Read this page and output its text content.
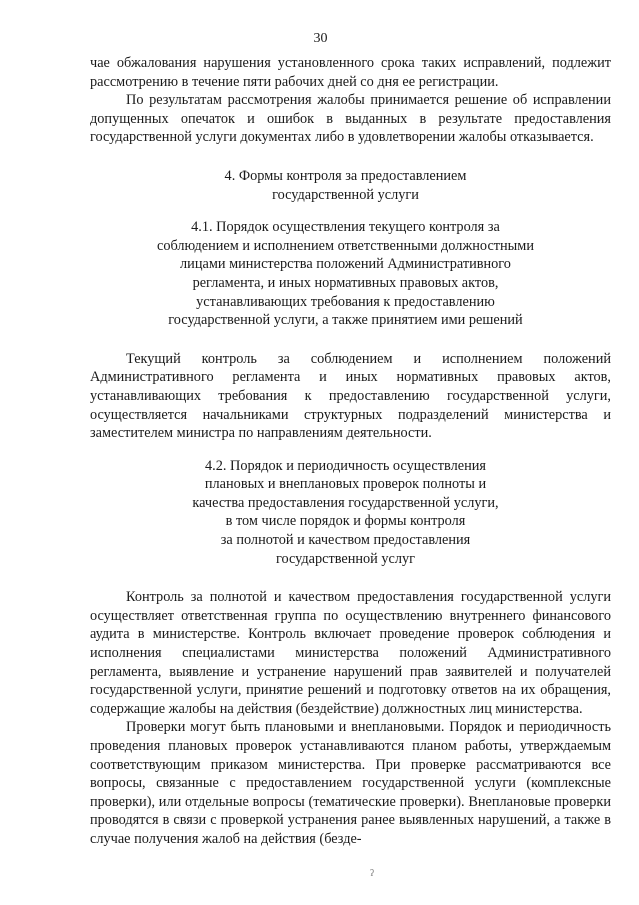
30

чае обжалования нарушения установленного срока таких исправлений, подлежит рассмотрению в течение пяти рабочих дней со дня ее регистрации.

По результатам рассмотрения жалобы принимается решение об исправлении допущенных опечаток и ошибок в выданных в результате предоставления государственной услуги документах либо в удовлетворении жалобы отказывается.

4. Формы контроля за предоставлением
государственной услуги
4.1. Порядок осуществления текущего контроля за
соблюдением и исполнением ответственными должностными
лицами министерства положений Административного
регламента, и иных нормативных правовых актов,
устанавливающих требования к предоставлению
государственной услуги, а также принятием ими решений

Текущий контроль за соблюдением и исполнением положений Административного регламента и иных нормативных правовых актов, устанавливающих требования к предоставлению государственной услуги, осуществляется начальниками структурных подразделений министерства и заместителем министра по направлениям деятельности.

4.2. Порядок и периодичность осуществления
плановых и внеплановых проверок полноты и
качества предоставления государственной услуги,
в том числе порядок и формы контроля
за полнотой и качеством предоставления
государственной услуг

Контроль за полнотой и качеством предоставления государственной услуги осуществляет ответственная группа по осуществлению внутреннего финансового аудита в министерстве. Контроль включает проведение проверок соблюдения и исполнения специалистами министерства положений Административного регламента, выявление и устранение нарушений прав заявителей и получателей государственной услуги, принятие решений и подготовку ответов на их обращения, содержащие жалобы на действия (бездействие) должностных лиц министерства.

Проверки могут быть плановыми и внеплановыми. Порядок и периодичность проведения плановых проверок устанавливаются планом работы, утверждаемым соответствующим приказом министерства. При проверке рассматриваются все вопросы, связанные с предоставлением государственной услуги (комплексные проверки), или отдельные вопросы (тематические проверки). Внеплановые проверки проводятся в связи с проверкой устранения ранее выявленных нарушений, а также в случае получения жалоб на действия (безде-

ʔ
